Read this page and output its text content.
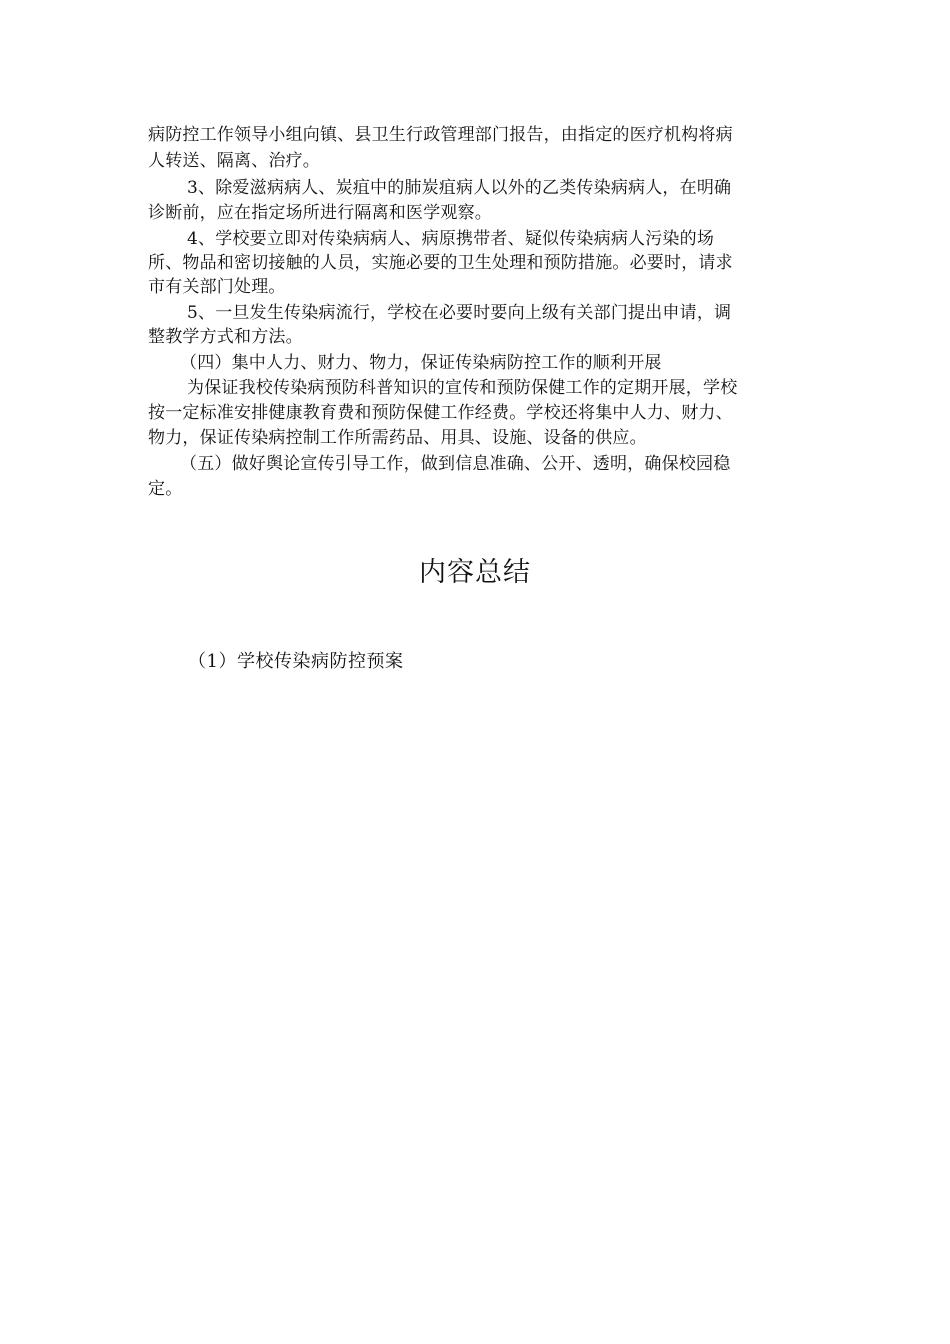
病防控工作领导小组向镇、县卫生行政管理部门报告，由指定的医疗机构将病
人转送、隔离、治疗。
3、除爱滋病病人、炭疽中的肺炭疽病人以外的乙类传染病病人，在明确
诊断前，应在指定场所进行隔离和医学观察。
4、学校要立即对传染病病人、病原携带者、疑似传染病病人污染的场
所、物品和密切接触的人员，实施必要的卫生处理和预防措施。必要时，请求
市有关部门处理。
5、一旦发生传染病流行，学校在必要时要向上级有关部门提出申请，调
整教学方式和方法。
（四）集中人力、财力、物力，保证传染病防控工作的顺利开展
为保证我校传染病预防科普知识的宣传和预防保健工作的定期开展，学校
按一定标准安排健康教育费和预防保健工作经费。学校还将集中人力、财力、
物力，保证传染病控制工作所需药品、用具、设施、设备的供应。
（五）做好舆论宣传引导工作，做到信息准确、公开、透明，确保校园稳
定。
内容总结
（1）学校传染病防控预案
